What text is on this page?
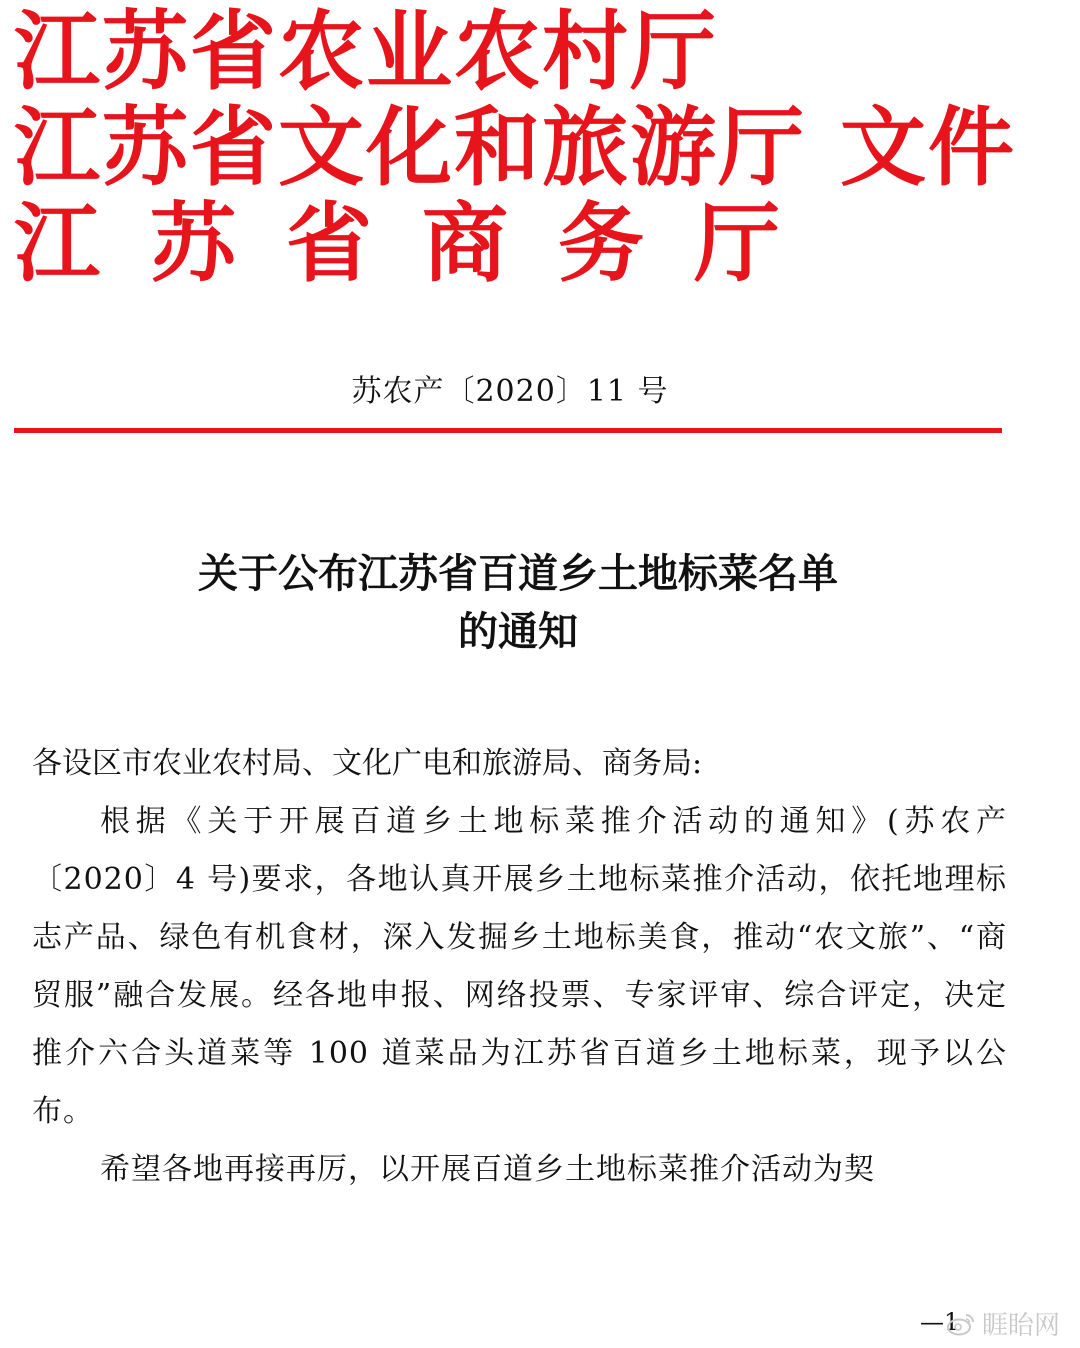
江苏省农业农村厅
江苏省文化和旅游厅 文件
江苏省商务厅
苏农产〔2020〕11 号
关于公布江苏省百道乡土地标菜名单
的通知

各设区市农业农村局、文化广电和旅游局、商务局:

根据《关于开展百道乡土地标菜推介活动的通知》(苏农产〔2020〕4 号)要求，各地认真开展乡土地标菜推介活动，依托地理标志产品、绿色有机食材，深入发掘乡土地标美食，推动“农文旅”、“商贸服”融合发展。经各地申报、网络投票、专家评审、综合评定，决定推介六合头道菜等 100 道菜品为江苏省百道乡土地标菜，现予以公布。

希望各地再接再厉，以开展百道乡土地标菜推介活动为契

—1 睚眙网
